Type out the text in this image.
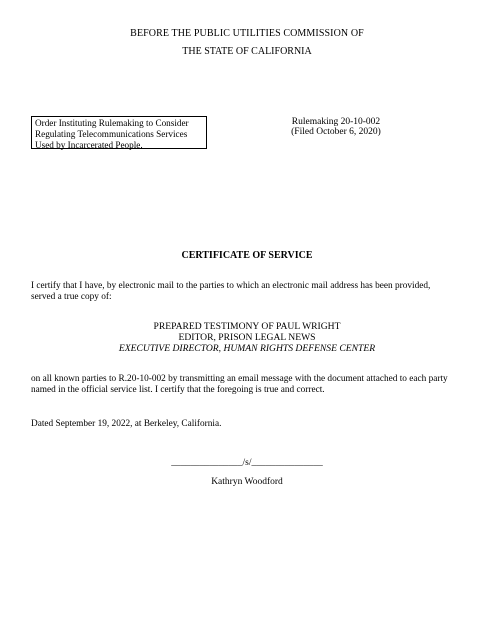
BEFORE THE PUBLIC UTILITIES COMMISSION OF
THE STATE OF CALIFORNIA
Order Instituting Rulemaking to Consider
Regulating Telecommunications Services
Used by Incarcerated People.
Rulemaking 20-10-002
(Filed October 6, 2020)
CERTIFICATE OF SERVICE
I certify that I have, by electronic mail to the parties to which an electronic mail address has been provided,
served a true copy of:
PREPARED TESTIMONY OF PAUL WRIGHT
EDITOR, PRISON LEGAL NEWS
EXECUTIVE DIRECTOR, HUMAN RIGHTS DEFENSE CENTER
on all known parties to R.20-10-002 by transmitting an email message with the document attached to each party
named in the official service list. I certify that the foregoing is true and correct.
Dated September 19, 2022, at Berkeley, California.
_______________/s/_______________
Kathryn Woodford
